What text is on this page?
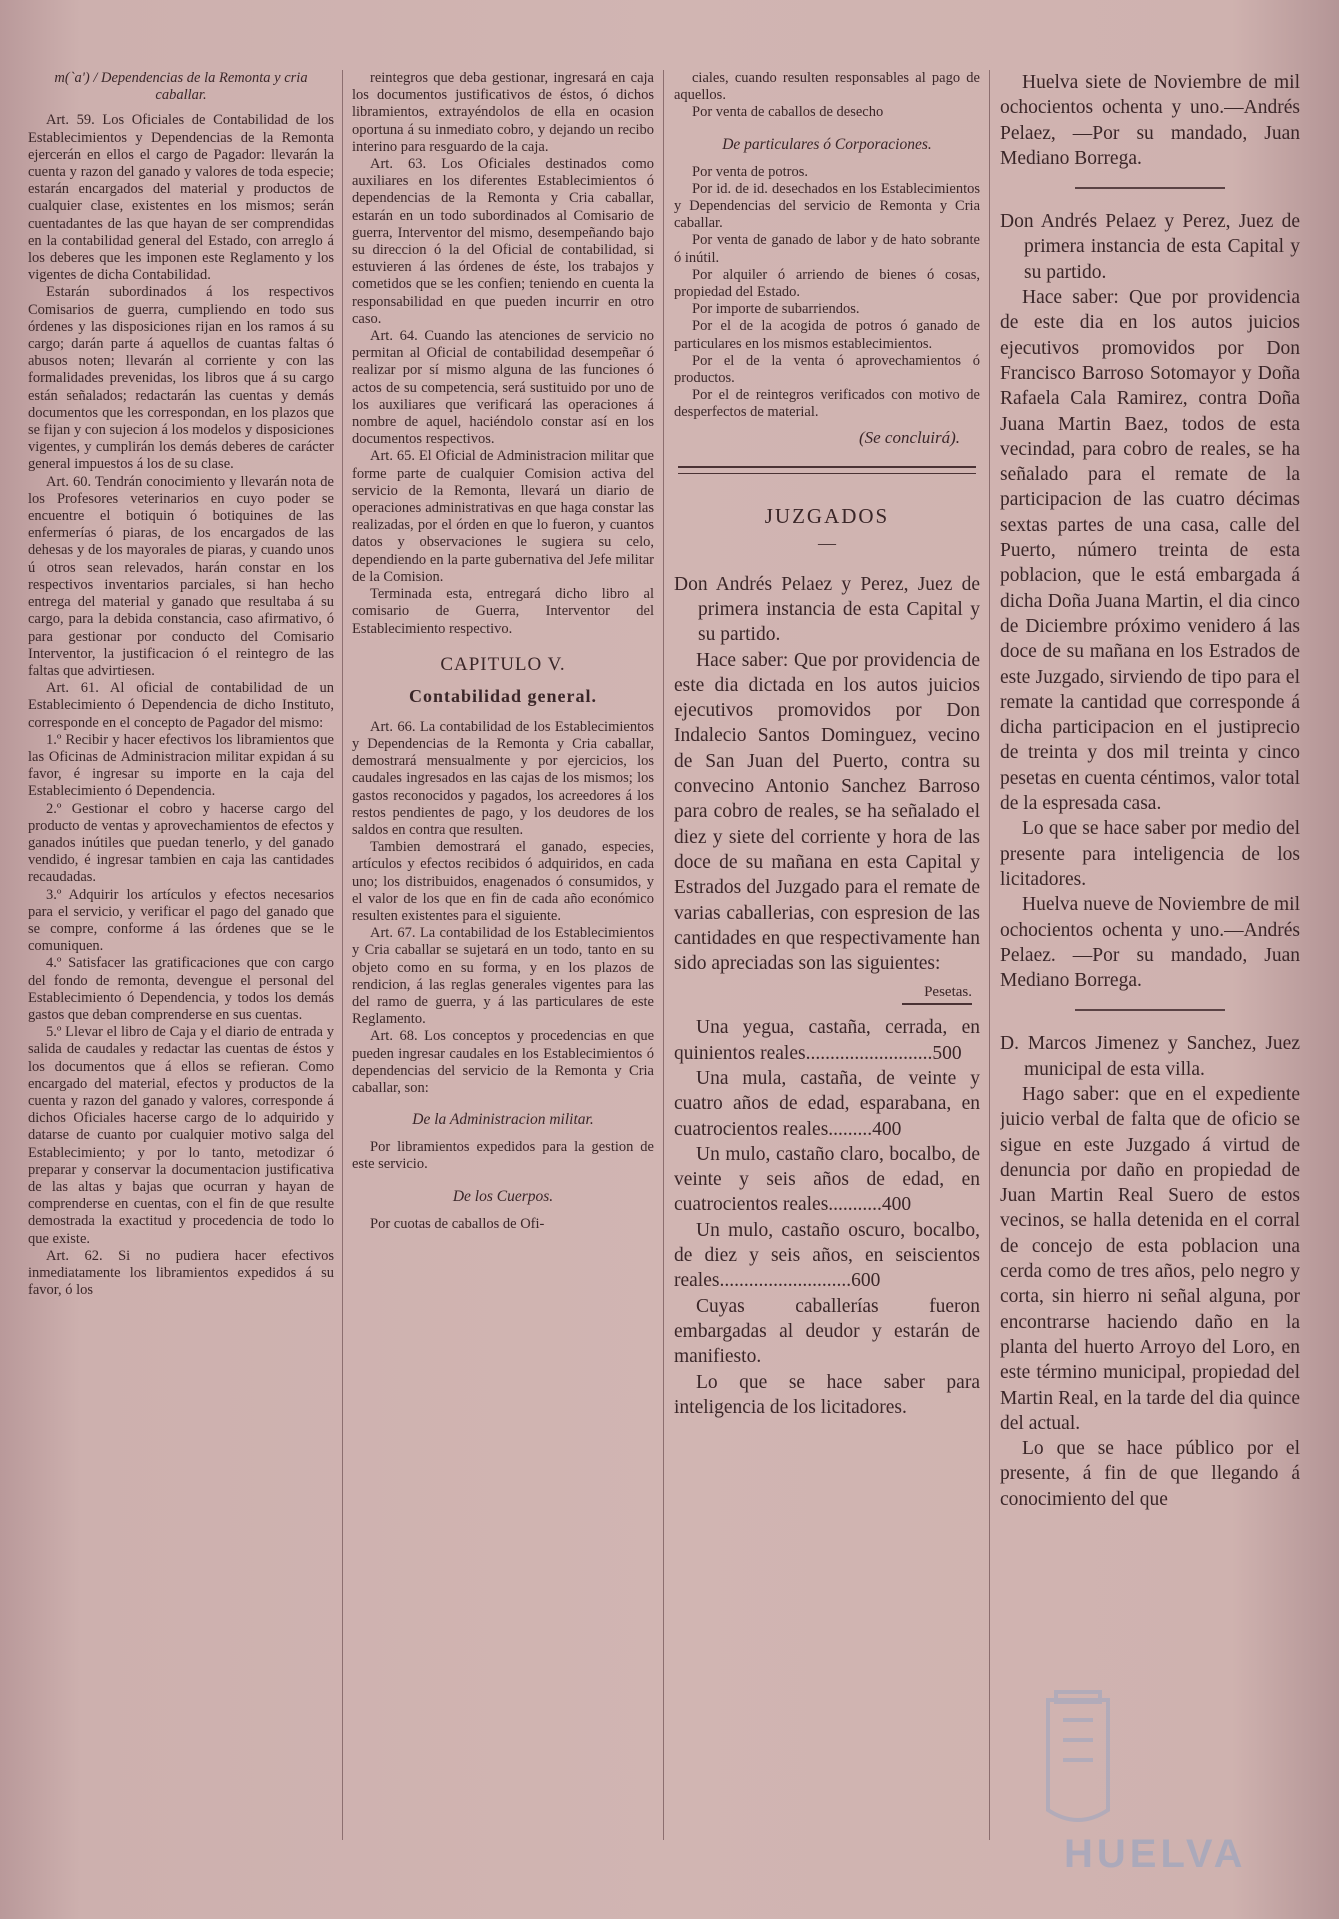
m(`a') / Dependencias de la Remonta y cria caballar.

Art. 59. Los Oficiales de Contabilidad de los Establecimientos y Dependencias de la Remonta ejercerán en ellos el cargo de Pagador: llevarán la cuenta y razon del ganado y valores de toda especie; estarán encargados del material y productos de cualquier clase, existentes en los mismos; serán cuentadantes de las que hayan de ser comprendidas en la contabilidad general del Estado, con arreglo á los deberes que les imponen este Reglamento y los vigentes de dicha Contabilidad.

Estarán subordinados á los respectivos Comisarios de guerra, cumpliendo en todo sus órdenes y las disposiciones rijan en los ramos á su cargo; darán parte á aquellos de cuantas faltas ó abusos noten; llevarán al corriente y con las formalidades prevenidas, los libros que á su cargo están señalados; redactarán las cuentas y demás documentos que les correspondan, en los plazos que se fijan y con sujecion á los modelos y disposiciones vigentes, y cumplirán los demás deberes de carácter general impuestos á los de su clase.

Art. 60. Tendrán conocimiento y llevarán nota de los Profesores veterinarios en cuyo poder se encuentre el botiquin ó botiquines de las enfermerías ó piaras, de los encargados de las dehesas y de los mayorales de piaras, y cuando unos ú otros sean relevados, harán constar en los respectivos inventarios parciales, si han hecho entrega del material y ganado que resultaba á su cargo, para la debida constancia, caso afirmativo, ó para gestionar por conducto del Comisario Interventor, la justificacion ó el reintegro de las faltas que advirtiesen.

Art. 61. Al oficial de contabilidad de un Establecimiento ó Dependencia de dicho Instituto, corresponde en el concepto de Pagador del mismo:

1.º Recibir y hacer efectivos los libramientos que las Oficinas de Administracion militar expidan á su favor, é ingresar su importe en la caja del Establecimiento ó Dependencia.

2.º Gestionar el cobro y hacerse cargo del producto de ventas y aprovechamientos de efectos y ganados inútiles que puedan tenerlo, y del ganado vendido, é ingresar tambien en caja las cantidades recaudadas.

3.º Adquirir los artículos y efectos necesarios para el servicio, y verificar el pago del ganado que se compre, conforme á las órdenes que se le comuniquen.

4.º Satisfacer las gratificaciones que con cargo del fondo de remonta, devengue el personal del Establecimiento ó Dependencia, y todos los demás gastos que deban comprenderse en sus cuentas.

5.º Llevar el libro de Caja y el diario de entrada y salida de caudales y redactar las cuentas de éstos y los documentos que á ellos se refieran. Como encargado del material, efectos y productos de la cuenta y razon del ganado y valores, corresponde á dichos Oficiales hacerse cargo de lo adquirido y datarse de cuanto por cualquier motivo salga del Establecimiento; y por lo tanto, metodizar ó preparar y conservar la documentacion justificativa de las altas y bajas que ocurran y hayan de comprenderse en cuentas, con el fin de que resulte demostrada la exactitud y procedencia de todo lo que existe.

Art. 62. Si no pudiera hacer efectivos inmediatamente los libramientos expedidos á su favor, ó los

reintegros que deba gestionar, ingresará en caja los documentos justificativos de éstos, ó dichos libramientos, extrayéndolos de ella en ocasion oportuna á su inmediato cobro, y dejando un recibo interino para resguardo de la caja.

Art. 63. Los Oficiales destinados como auxiliares en los diferentes Establecimientos ó dependencias de la Remonta y Cria caballar, estarán en un todo subordinados al Comisario de guerra, Interventor del mismo, desempeñando bajo su direccion ó la del Oficial de contabilidad, si estuvieren á las órdenes de éste, los trabajos y cometidos que se les confien; teniendo en cuenta la responsabilidad en que pueden incurrir en otro caso.

Art. 64. Cuando las atenciones de servicio no permitan al Oficial de contabilidad desempeñar ó realizar por sí mismo alguna de las funciones ó actos de su competencia, será sustituido por uno de los auxiliares que verificará las operaciones á nombre de aquel, haciéndolo constar así en los documentos respectivos.

Art. 65. El Oficial de Administracion militar que forme parte de cualquier Comision activa del servicio de la Remonta, llevará un diario de operaciones administrativas en que haga constar las realizadas, por el órden en que lo fueron, y cuantos datos y observaciones le sugiera su celo, dependiendo en la parte gubernativa del Jefe militar de la Comision.

Terminada esta, entregará dicho libro al comisario de Guerra, Interventor del Establecimiento respectivo.

CAPITULO V.
Contabilidad general.

Art. 66. La contabilidad de los Establecimientos y Dependencias de la Remonta y Cria caballar, demostrará mensualmente y por ejercicios, los caudales ingresados en las cajas de los mismos; los gastos reconocidos y pagados, los acreedores á los restos pendientes de pago, y los deudores de los saldos en contra que resulten.

Tambien demostrará el ganado, especies, artículos y efectos recibidos ó adquiridos, en cada uno; los distribuidos, enagenados ó consumidos, y el valor de los que en fin de cada año económico resulten existentes para el siguiente.

Art. 67. La contabilidad de los Establecimientos y Cria caballar se sujetará en un todo, tanto en su objeto como en su forma, y en los plazos de rendicion, á las reglas generales vigentes para las del ramo de guerra, y á las particulares de este Reglamento.

Art. 68. Los conceptos y procedencias en que pueden ingresar caudales en los Establecimientos ó dependencias del servicio de la Remonta y Cria caballar, son:

De la Administracion militar.

Por libramientos expedidos para la gestion de este servicio.

De los Cuerpos.

Por cuotas de caballos de Ofi-

ciales, cuando resulten responsables al pago de aquellos.

Por venta de caballos de desecho

De particulares ó Corporaciones.

Por venta de potros.

Por id. de id. desechados en los Establecimientos y Dependencias del servicio de Remonta y Cria caballar.

Por venta de ganado de labor y de hato sobrante ó inútil.

Por alquiler ó arriendo de bienes ó cosas, propiedad del Estado.

Por importe de subarriendos.

Por el de la acogida de potros ó ganado de particulares en los mismos establecimientos.

Por el de la venta ó aprovechamientos ó productos.

Por el de reintegros verificados con motivo de desperfectos de material.

(Se concluirá).
JUZGADOS
—

Don Andrés Pelaez y Perez, Juez de primera instancia de esta Capital y su partido.

Hace saber: Que por providencia de este dia dictada en los autos juicios ejecutivos promovidos por Don Indalecio Santos Dominguez, vecino de San Juan del Puerto, contra su convecino Antonio Sanchez Barroso para cobro de reales, se ha señalado el diez y siete del corriente y hora de las doce de su mañana en esta Capital y Estrados del Juzgado para el remate de varias caballerias, con espresion de las cantidades en que respectivamente han sido apreciadas son las siguientes:

Pesetas.

Una yegua, castaña, cerrada, en quinientos reales..........................500

Una mula, castaña, de veinte y cuatro años de edad, esparabana, en cuatrocientos reales.........400

Un mulo, castaño claro, bocalbo, de veinte y seis años de edad, en cuatrocientos reales...........400

Un mulo, castaño oscuro, bocalbo, de diez y seis años, en seiscientos reales...........................600

Cuyas caballerías fueron embargadas al deudor y estarán de manifiesto.

Lo que se hace saber para inteligencia de los licitadores.

Huelva siete de Noviembre de mil ochocientos ochenta y uno.—Andrés Pelaez, —Por su mandado, Juan Mediano Borrega.

Don Andrés Pelaez y Perez, Juez de primera instancia de esta Capital y su partido.

Hace saber: Que por providencia de este dia en los autos juicios ejecutivos promovidos por Don Francisco Barroso Sotomayor y Doña Rafaela Cala Ramirez, contra Doña Juana Martin Baez, todos de esta vecindad, para cobro de reales, se ha señalado para el remate de la participacion de las cuatro décimas sextas partes de una casa, calle del Puerto, número treinta de esta poblacion, que le está embargada á dicha Doña Juana Martin, el dia cinco de Diciembre próximo venidero á las doce de su mañana en los Estrados de este Juzgado, sirviendo de tipo para el remate la cantidad que corresponde á dicha participacion en el justiprecio de treinta y dos mil treinta y cinco pesetas en cuenta céntimos, valor total de la espresada casa.

Lo que se hace saber por medio del presente para inteligencia de los licitadores.

Huelva nueve de Noviembre de mil ochocientos ochenta y uno.—Andrés Pelaez. —Por su mandado, Juan Mediano Borrega.

D. Marcos Jimenez y Sanchez, Juez municipal de esta villa.

Hago saber: que en el expediente juicio verbal de falta que de oficio se sigue en este Juzgado á virtud de denuncia por daño en propiedad de Juan Martin Real Suero de estos vecinos, se halla detenida en el corral de concejo de esta poblacion una cerda como de tres años, pelo negro y corta, sin hierro ni señal alguna, por encontrarse haciendo daño en la planta del huerto Arroyo del Loro, en este término municipal, propiedad del Martin Real, en la tarde del dia quince del actual.

Lo que se hace público por el presente, á fin de que llegando á conocimiento del que

HUELVA
